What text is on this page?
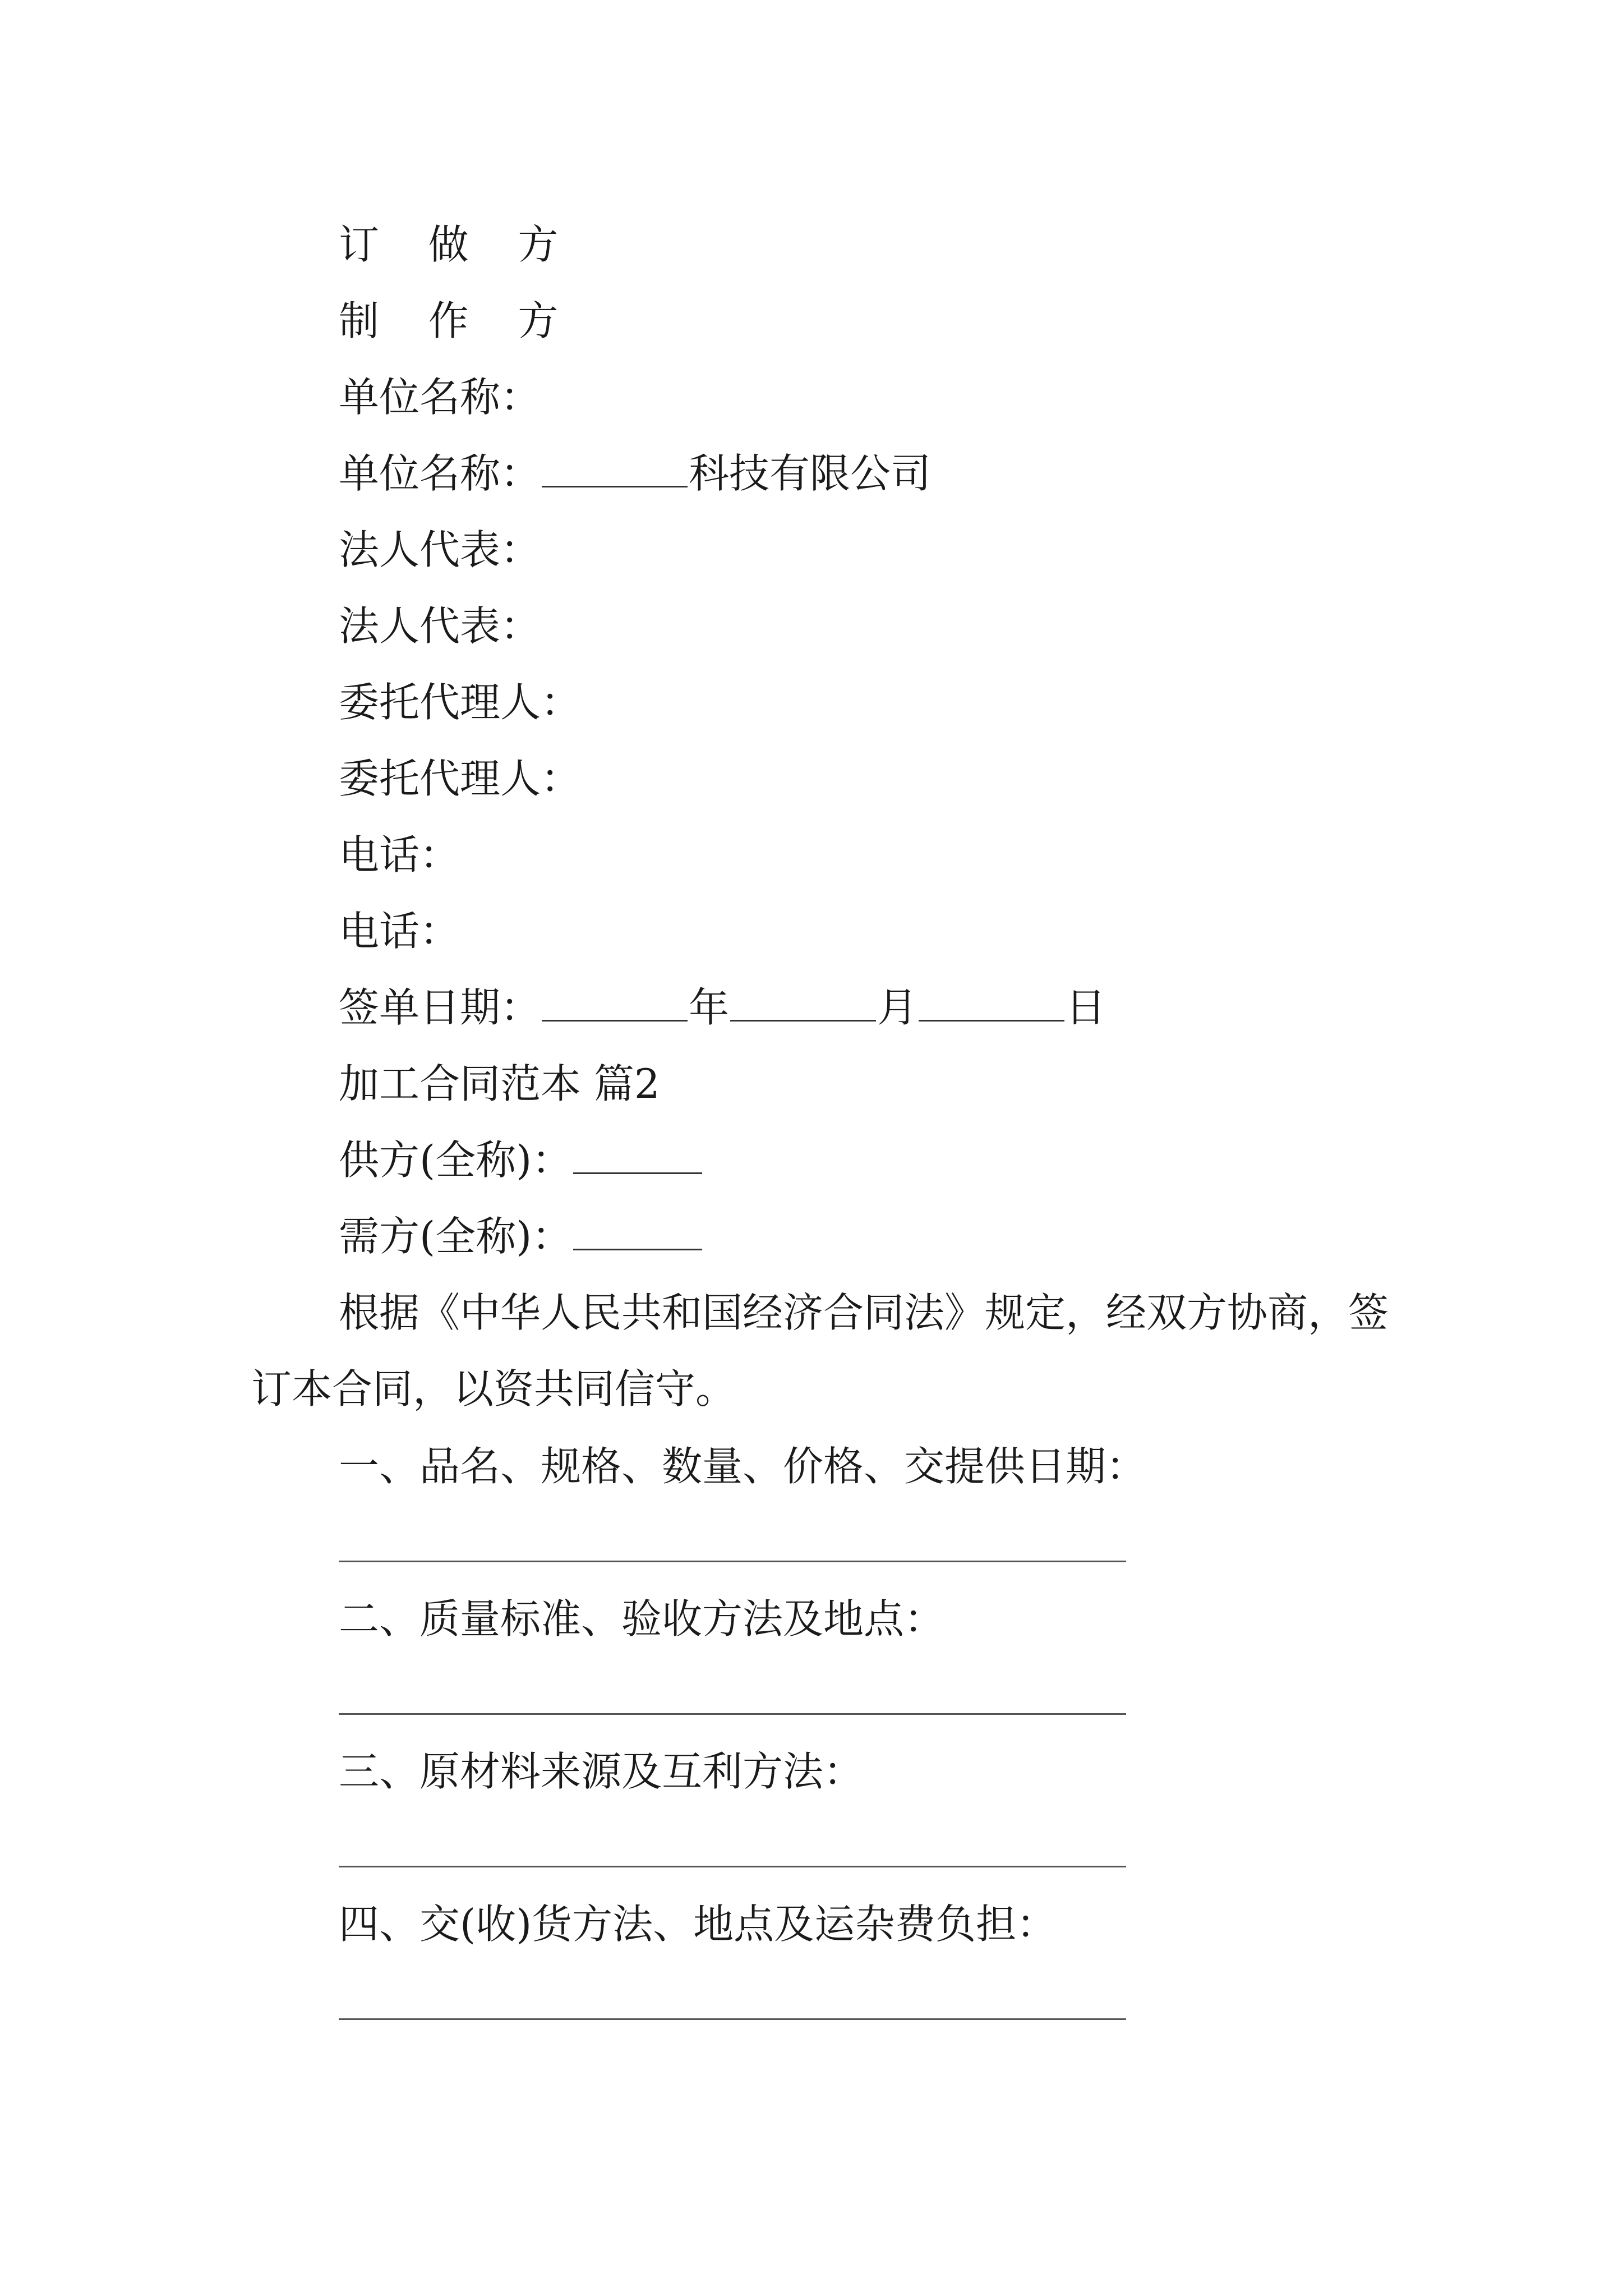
订 做 方
制 作 方
单位名称：
单位名称：	科技有限公司
法人代表：
法人代表：
委托代理人：
委托代理人：
电话：
电话：
签单日期：	年	月	日
加工合同范本 篇2
供方(全称)：
需方(全称)：
根据《中华人民共和国经济合同法》规定，经双方协商，签订本合同，以资共同信守。
一、品名、规格、数量、价格、交提供日期：
二、质量标准、验收方法及地点：
三、原材料来源及互利方法：
四、交(收)货方法、地点及运杂费负担：
